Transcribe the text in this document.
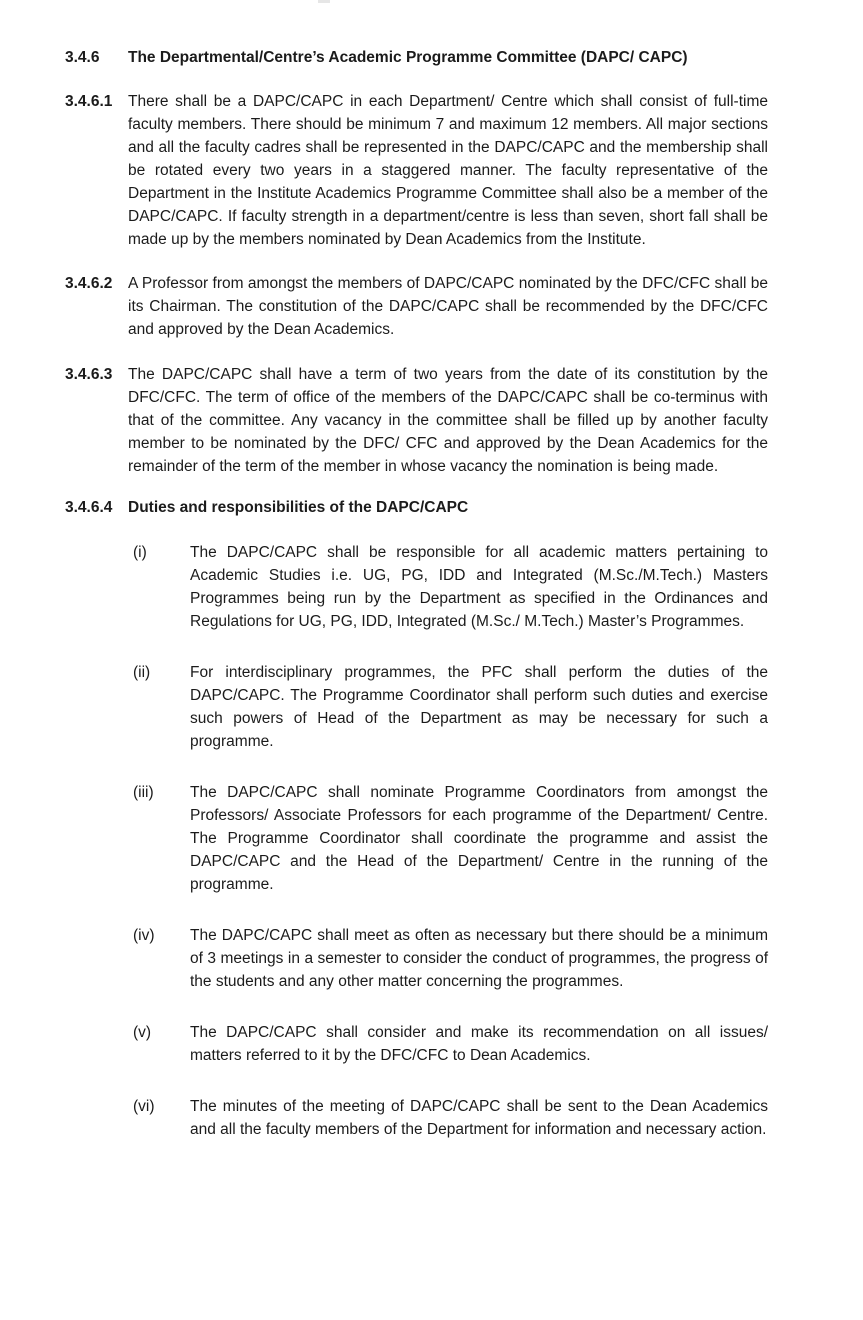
3.4.6	The Departmental/Centre’s Academic Programme Committee (DAPC/ CAPC)
3.4.6.1	There shall be a DAPC/CAPC in each Department/ Centre which shall consist of full-time faculty members. There should be minimum 7 and maximum 12 members. All major sections and all the faculty cadres shall be represented in the DAPC/CAPC and the membership shall be rotated every two years in a staggered manner. The faculty representative of the Department in the Institute Academics Programme Committee shall also be a member of the DAPC/CAPC. If faculty strength in a department/centre is less than seven, short fall shall be made up by the members nominated by Dean Academics from the Institute.
3.4.6.2	A Professor from amongst the members of DAPC/CAPC nominated by the DFC/CFC shall be its Chairman. The constitution of the DAPC/CAPC shall be recommended by the DFC/CFC and approved by the Dean Academics.
3.4.6.3	The DAPC/CAPC shall have a term of two years from the date of its constitution by the DFC/CFC. The term of office of the members of the DAPC/CAPC shall be co-terminus with that of the committee. Any vacancy in the committee shall be filled up by another faculty member to be nominated by the DFC/ CFC and approved by the Dean Academics for the remainder of the term of the member in whose vacancy the nomination is being made.
3.4.6.4	Duties and responsibilities of the DAPC/CAPC
(i)	The DAPC/CAPC shall be responsible for all academic matters pertaining to Academic Studies i.e. UG, PG, IDD and Integrated (M.Sc./M.Tech.) Masters Programmes being run by the Department as specified in the Ordinances and Regulations for UG, PG, IDD, Integrated (M.Sc./ M.Tech.) Master’s Programmes.
(ii)	For interdisciplinary programmes, the PFC shall perform the duties of the DAPC/CAPC. The Programme Coordinator shall perform such duties and exercise such powers of Head of the Department as may be necessary for such a programme.
(iii)	The DAPC/CAPC shall nominate Programme Coordinators from amongst the Professors/ Associate Professors for each programme of the Department/ Centre. The Programme Coordinator shall coordinate the programme and assist the DAPC/CAPC and the Head of the Department/ Centre in the running of the programme.
(iv)	The DAPC/CAPC shall meet as often as necessary but there should be a minimum of 3 meetings in a semester to consider the conduct of programmes, the progress of the students and any other matter concerning the programmes.
(v)	The DAPC/CAPC shall consider and make its recommendation on all issues/ matters referred to it by the DFC/CFC to Dean Academics.
(vi)	The minutes of the meeting of DAPC/CAPC shall be sent to the Dean Academics and all the faculty members of the Department for information and necessary action.
